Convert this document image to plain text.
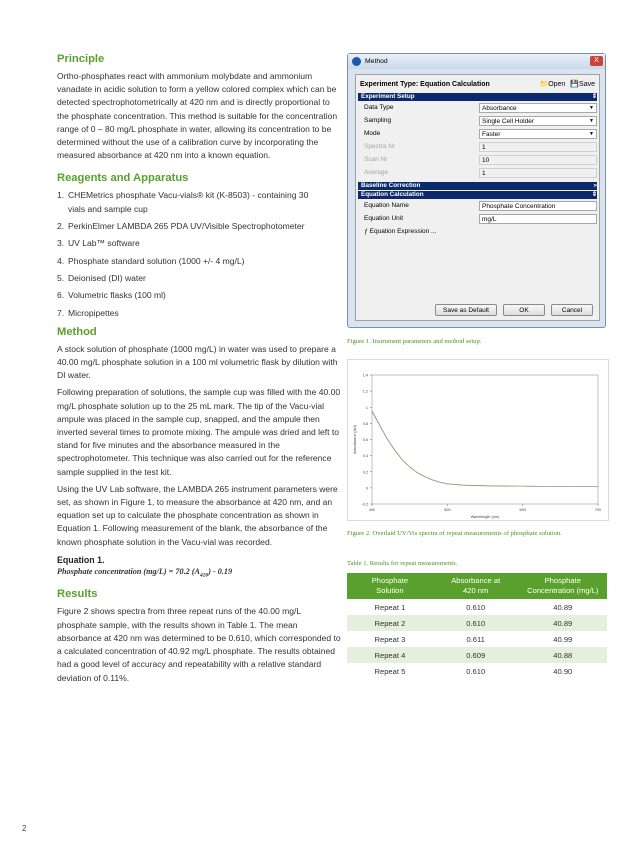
Principle

Ortho-phosphates react with ammonium molybdate and ammonium vanadate in acidic solution to form a yellow colored complex which can be detected spectrophotometrically at 420 nm and is directly proportional to the phosphate concentration. This method is suitable for the concentration range of 0 – 80 mg/L phosphate in water, allowing its concentration to be determined without the use of a calibration curve by incorporating the measured absorbance at 420 nm into a known equation.

Reagents and Apparatus
1. CHEMetrics phosphate Vacu-vials® kit (K-8503) - containing 30 vials and sample cup
2. PerkinElmer LAMBDA 265 PDA UV/Visible Spectrophotometer
3. UV Lab™ software
4. Phosphate standard solution (1000 +/- 4 mg/L)
5. Deionised (DI) water
6. Volumetric flasks (100 ml)
7. Micropipettes
Method

A stock solution of phosphate (1000 mg/L) in water was used to prepare a 40.00 mg/L phosphate solution in a 100 ml volumetric flask by dilution with DI water.

Following preparation of solutions, the sample cup was filled with the 40.00 mg/L phosphate solution up to the 25 mL mark. The tip of the Vacu-vial ampule was placed in the sample cup, snapped, and the ampule then inverted several times to promote mixing. The ampule was dried and left to stand for five minutes and the absorbance measured in the spectrophotometer. This technique was also carried out for the reference sample supplied in the test kit.

Using the UV Lab software, the LAMBDA 265 instrument parameters were set, as shown in Figure 1, to measure the absorbance at 420 nm, and an equation set up to calculate the phosphate concentration as shown in Equation 1. Following measurement of the blank, the absorbance of the known phosphate solution in the Vacu-vial was recorded.

Equation 1.
Phosphate concentration (mg/L) = 70.2 $(A_{420}) - 0.19$
Results

Figure 2 shows spectra from three repeat runs of the 40.00 mg/L phosphate sample, with the results shown in Table 1. The mean absorbance at 420 nm was determined to be 0.610, which corresponded to a calculated concentration of 40.92 mg/L phosphate. The results obtained had a good level of accuracy and repeatability with a relative standard deviation of 0.11%.

2
Method	X
Experiment Type: Equation Calculation	📁Open 💾Save
Experiment Setup	⇕
Data Type	Absorbance	▼
Sampling	Single Cell Holder	▼
Mode	Faster	▼
Spectra Nr	1
Scan Nr	10
Average	1
Baseline Correction	»
Equation Calculation	⇕
Equation Name	Phosphate Concentration
Equation Unit	mg/L
ƒ Equation Expression ...
Save as Default	OK	Cancel
Figure 1. Instrument parameters and method setup.
-0.2
0
0.2
0.4
0.6
0.8
1
1.2
1.4
400	500	600	700
Wavelength (nm)
Absorbance (AU)
Figure 2. Overlaid UV/Vis spectra of repeat measurements of phosphate solution.
Table 1. Results for repeat measurements.
Phosphate Solution	Absorbance at 420 nm	Phosphate Concentration (mg/L)
Repeat 1	0.610	40.89
Repeat 2	0.610	40.89
Repeat 3	0.611	40.99
Repeat 4	0.609	40.88
Repeat 5	0.610	40.90
